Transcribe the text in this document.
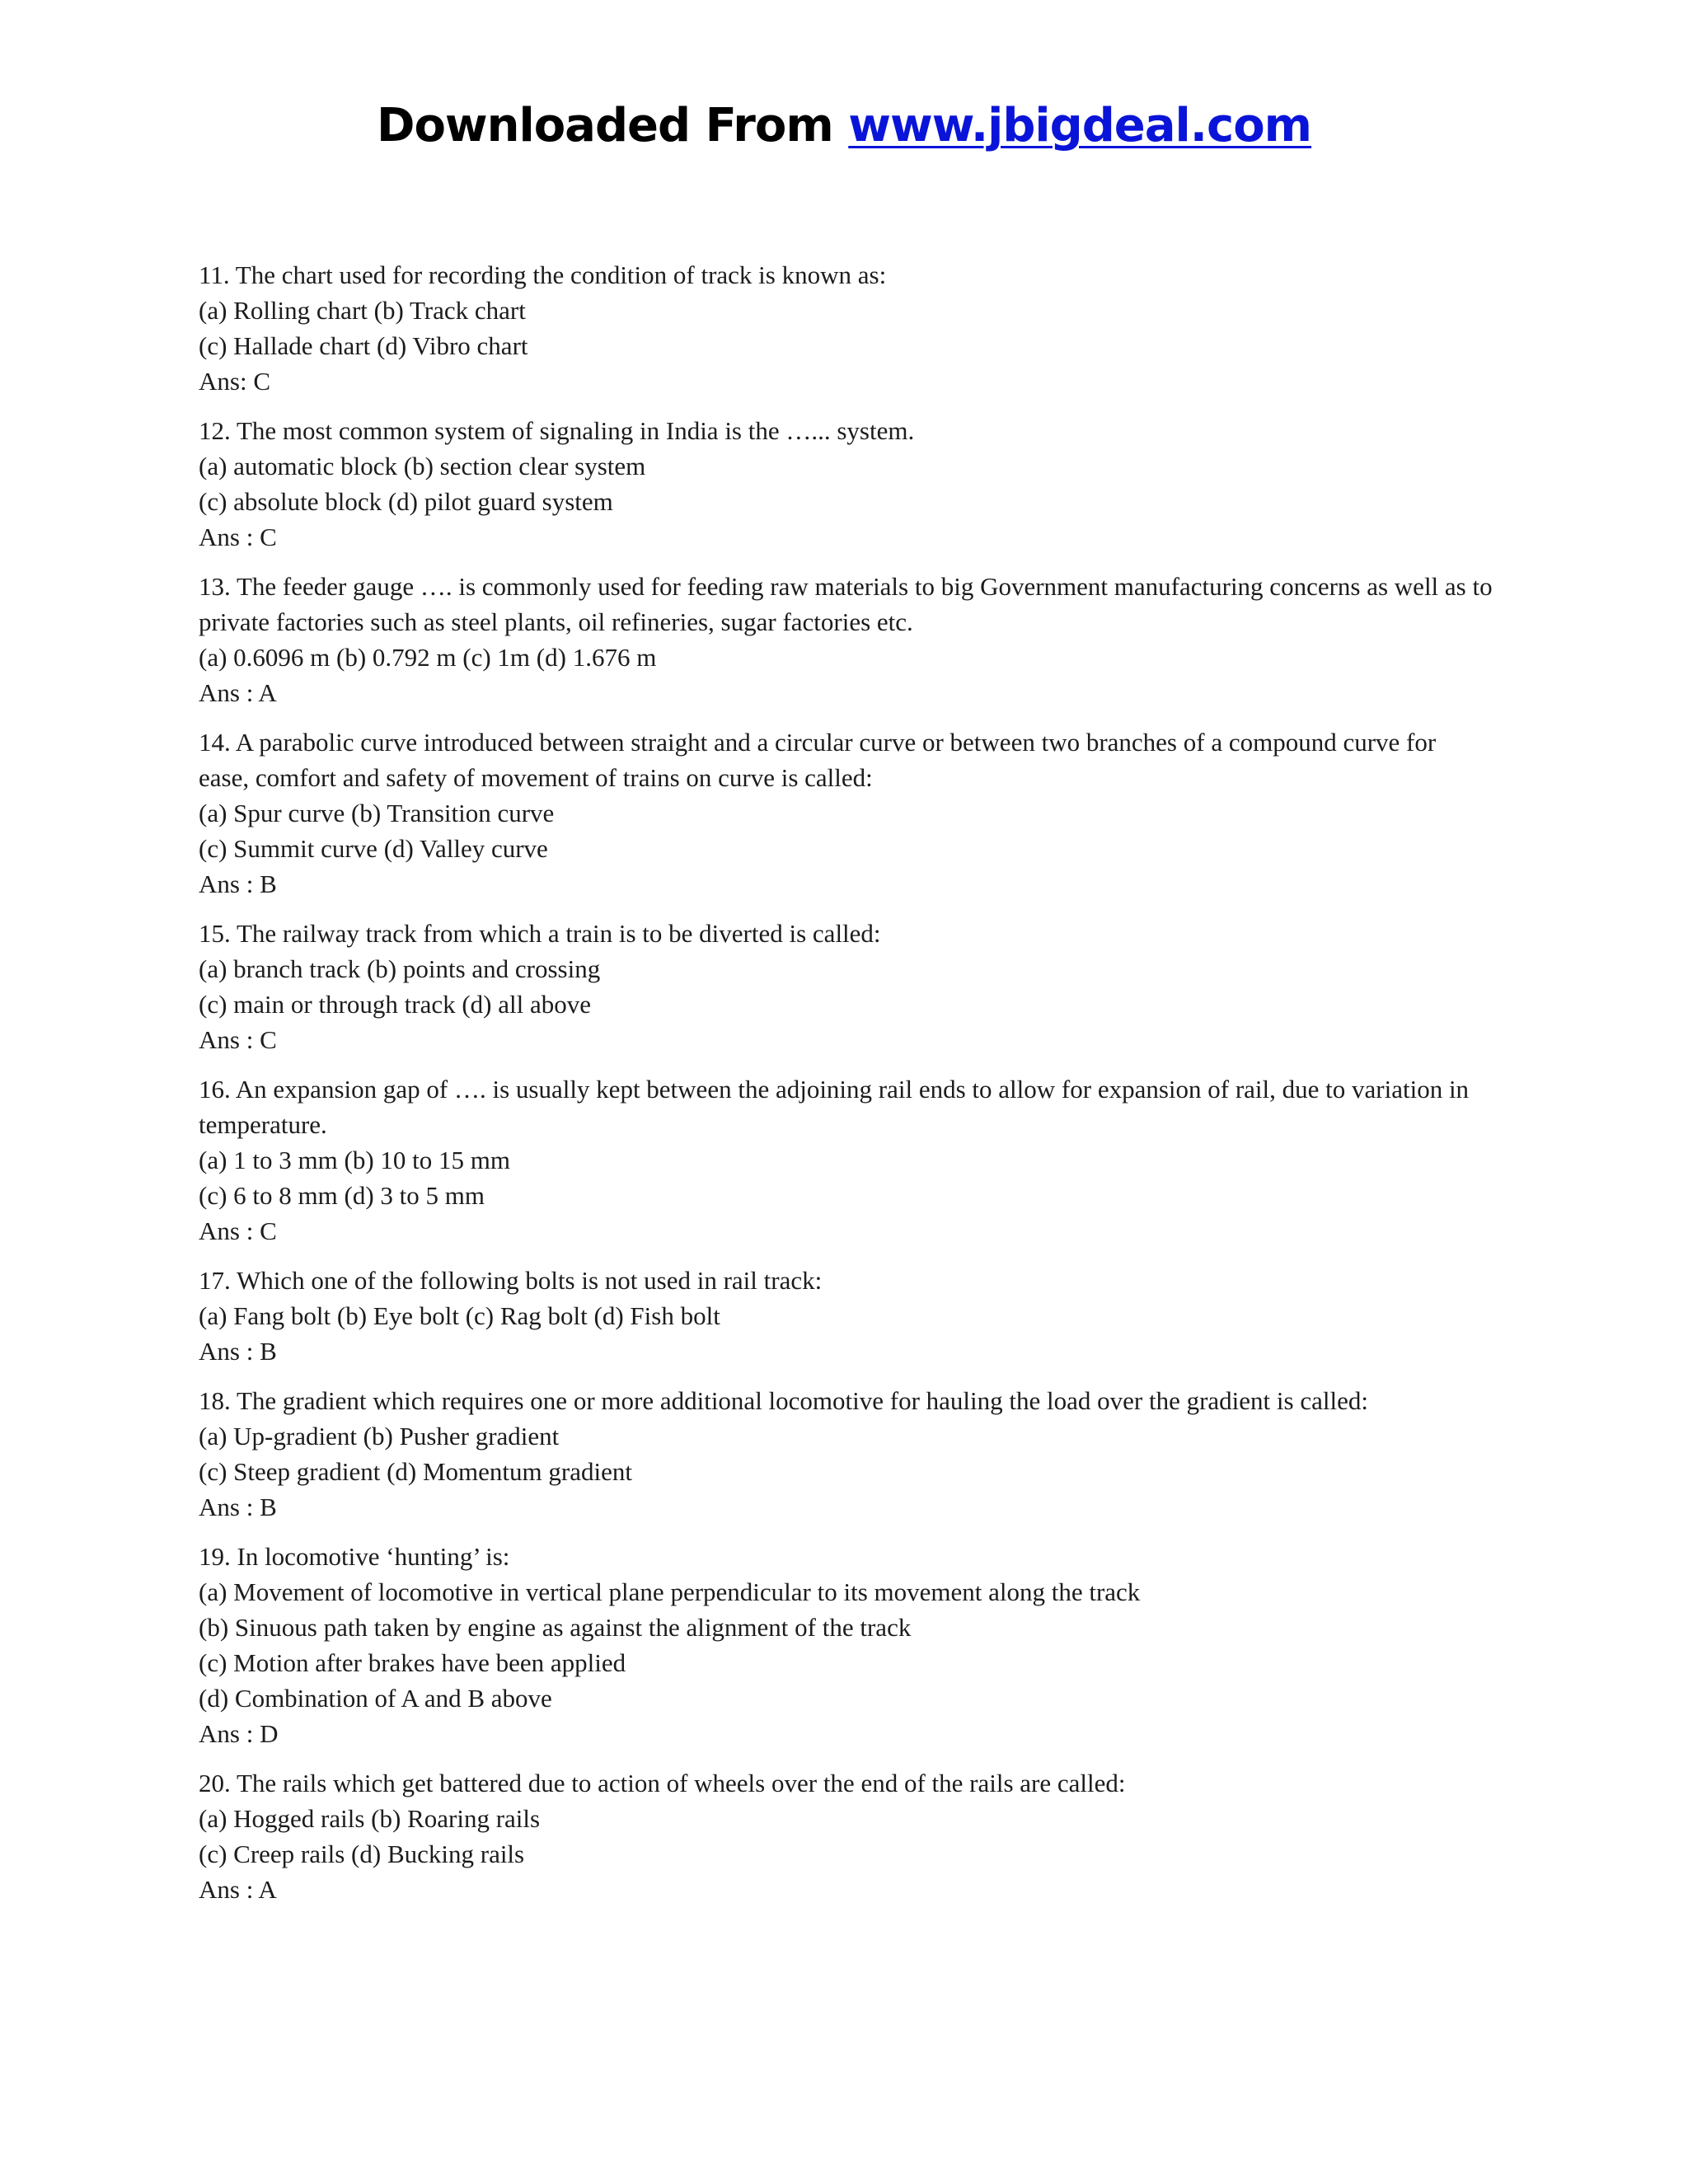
Downloaded From www.jbigdeal.com
11. The chart used for recording the condition of track is known as:
(a) Rolling chart (b) Track chart
(c) Hallade chart (d) Vibro chart
Ans: C
12. The most common system of signaling in India is the …... system.
(a) automatic block (b) section clear system
(c) absolute block (d) pilot guard system
Ans : C
13. The feeder gauge …. is commonly used for feeding raw materials to big Government manufacturing concerns as well as to private factories such as steel plants, oil refineries, sugar factories etc.
(a) 0.6096 m (b) 0.792 m (c) 1m (d) 1.676 m
Ans : A
14. A parabolic curve introduced between straight and a circular curve or between two branches of a compound curve for ease, comfort and safety of movement of trains on curve is called:
(a) Spur curve (b) Transition curve
(c) Summit curve (d) Valley curve
Ans : B
15. The railway track from which a train is to be diverted is called:
(a) branch track (b) points and crossing
(c) main or through track (d) all above
Ans : C
16. An expansion gap of …. is usually kept between the adjoining rail ends to allow for expansion of rail, due to variation in temperature.
(a) 1 to 3 mm (b) 10 to 15 mm
(c) 6 to 8 mm (d) 3 to 5 mm
Ans : C
17. Which one of the following bolts is not used in rail track:
(a) Fang bolt (b) Eye bolt (c) Rag bolt (d) Fish bolt
Ans : B
18. The gradient which requires one or more additional locomotive for hauling the load over the gradient is called:
(a) Up-gradient (b) Pusher gradient
(c) Steep gradient (d) Momentum gradient
Ans : B
19. In locomotive ‘hunting’ is:
(a) Movement of locomotive in vertical plane perpendicular to its movement along the track
(b) Sinuous path taken by engine as against the alignment of the track
(c) Motion after brakes have been applied
(d) Combination of A and B above
Ans : D
20. The rails which get battered due to action of wheels over the end of the rails are called:
(a) Hogged rails (b) Roaring rails
(c) Creep rails (d) Bucking rails
Ans : A
